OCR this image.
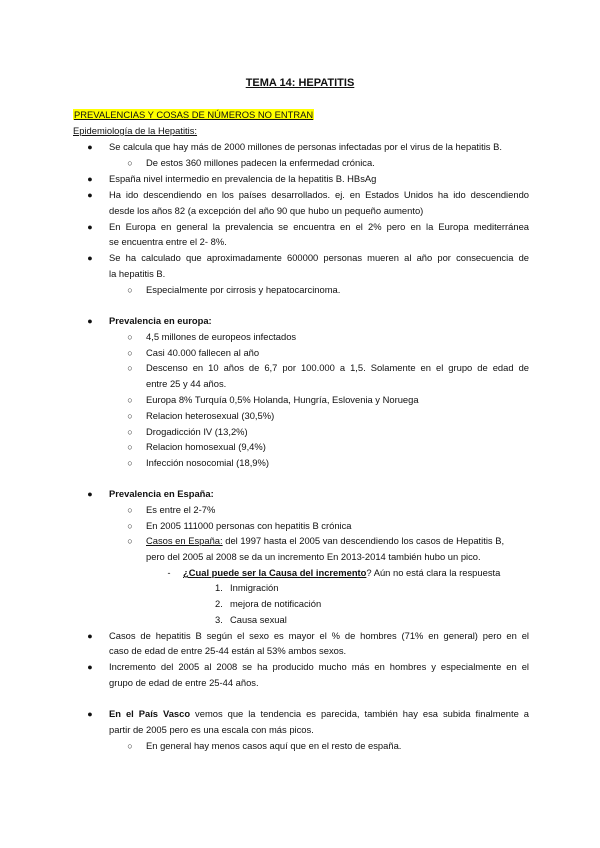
TEMA 14: HEPATITIS
PREVALENCIAS Y COSAS DE NÚMEROS NO ENTRAN
Epidemiología de la Hepatitis:
●	Se calcula que hay más de 2000 millones de personas infectadas por el virus de la hepatitis B.
○	De estos 360 millones padecen la enfermedad crónica.
●	España nivel intermedio en prevalencia de la hepatitis B. HBsAg
●	Ha ido descendiendo en los países desarrollados. ej. en Estados Unidos ha ido descendiendo
desde los años 82 (a excepción del año 90 que hubo un pequeño aumento)
●	En Europa en general la prevalencia se encuentra en el 2% pero en la Europa mediterránea
se encuentra entre el 2- 8%.
●	Se ha calculado que aproximadamente 600000 personas mueren al año por consecuencia de
la hepatitis B.
○	Especialmente por cirrosis y hepatocarcinoma.
●	Prevalencia en europa:
○	4,5 millones de europeos infectados
○	Casi 40.000 fallecen al año
○	Descenso en 10 años de 6,7 por 100.000 a 1,5. Solamente en el grupo de edad de
entre 25 y 44 años.
○	Europa 8% Turquía 0,5% Holanda, Hungría, Eslovenia y Noruega
○	Relacion heterosexual (30,5%)
○	Drogadicción IV (13,2%)
○	Relacion homosexual (9,4%)
○	Infección nosocomial (18,9%)
●	Prevalencia en España:
○	Es entre el 2-7%
○	En 2005 111000 personas con hepatitis B crónica
○	Casos en España: del 1997 hasta el 2005 van descendiendo los casos de Hepatitis B,
pero del 2005 al 2008 se da un incremento En 2013-2014 también hubo un pico.
-	¿Cual puede ser la Causa del incremento? Aún no está clara la respuesta
1. Inmigración
2. mejora de notificación
3. Causa sexual
●	Casos de hepatitis B según el sexo es mayor el % de hombres (71% en general) pero en el
caso de edad de entre 25-44 están al 53% ambos sexos.
●	Incremento del 2005 al 2008 se ha producido mucho más en hombres y especialmente en el
grupo de edad de entre 25-44 años.
●	En el País Vasco vemos que la tendencia es parecida, también hay esa subida finalmente a
partir de 2005 pero es una escala con más picos.
○	En general hay menos casos aquí que en el resto de españa.
